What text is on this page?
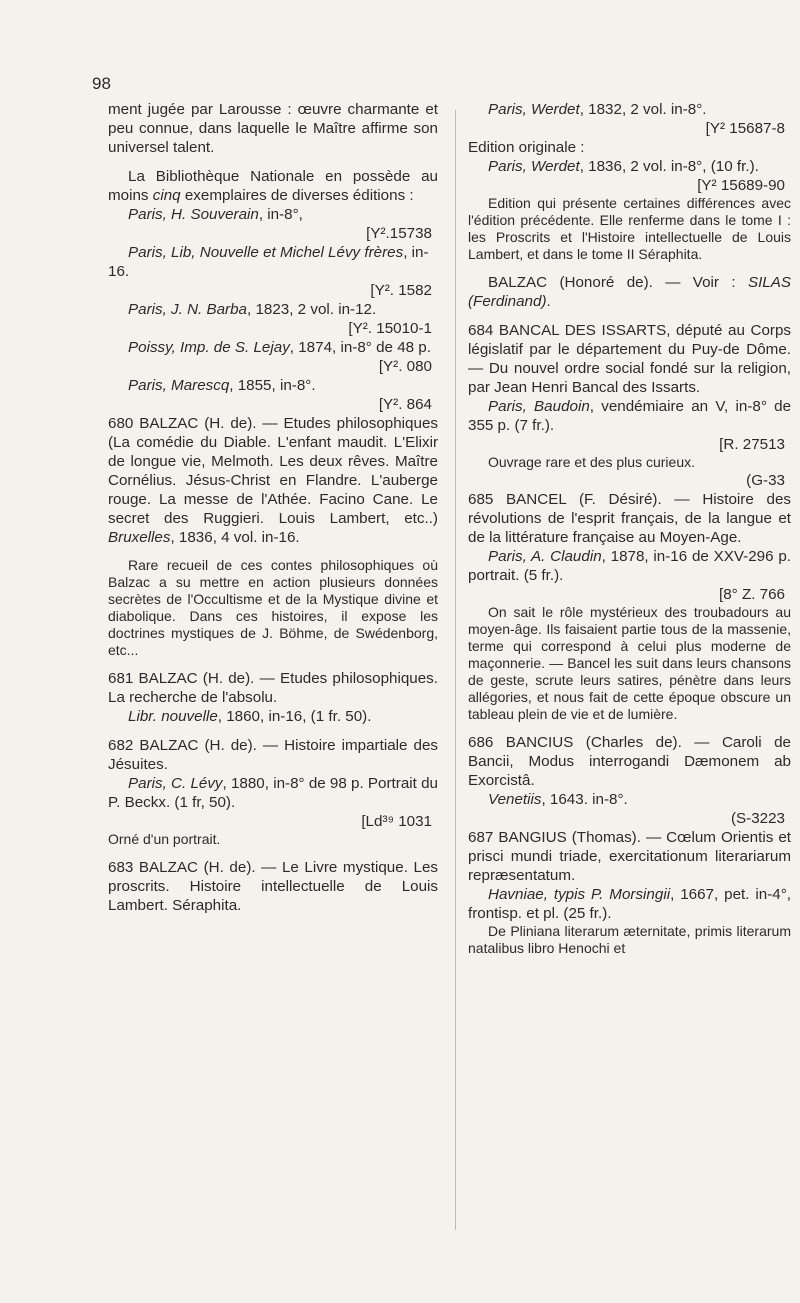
98

ment jugée par Larousse : œuvre charmante et peu connue, dans laquelle le Maître affirme son universel talent.

La Bibliothèque Nationale en possède au moins cinq exemplaires de diverses éditions :

Paris, H. Souverain, in-8°,

[Y².15738

Paris, Lib, Nouvelle et Michel Lévy frères, in-16.

[Y². 1582

Paris, J. N. Barba, 1823, 2 vol. in-12.

[Y². 15010-1

Poissy, Imp. de S. Lejay, 1874, in-8° de 48 p.

[Y². 080

Paris, Marescq, 1855, in-8°.

[Y². 864

680 BALZAC (H. de). — Etudes philosophiques (La comédie du Diable. L'enfant maudit. L'Elixir de longue vie, Melmoth. Les deux rêves. Maître Cornélius. Jésus-Christ en Flandre. L'auberge rouge. La messe de l'Athée. Facino Cane. Le secret des Ruggieri. Louis Lambert, etc..) Bruxelles, 1836, 4 vol. in-16.

Rare recueil de ces contes philosophiques où Balzac a su mettre en action plusieurs données secrètes de l'Occultisme et de la Mystique divine et diabolique. Dans ces histoires, il expose les doctrines mystiques de J. Böhme, de Swédenborg, etc...

681 BALZAC (H. de). — Etudes philosophiques. La recherche de l'absolu.

Libr. nouvelle, 1860, in-16, (1 fr. 50).

682 BALZAC (H. de). — Histoire impartiale des Jésuites.

Paris, C. Lévy, 1880, in-8° de 98 p. Portrait du P. Beckx. (1 fr, 50).

[Ld³⁹ 1031

Orné d'un portrait.

683 BALZAC (H. de). — Le Livre mystique. Les proscrits. Histoire intellectuelle de Louis Lambert. Séraphita.

Paris, Werdet, 1832, 2 vol. in-8°.

[Y² 15687-8

Edition originale :

Paris, Werdet, 1836, 2 vol. in-8°, (10 fr.).

[Y² 15689-90

Edition qui présente certaines différences avec l'édition précédente. Elle renferme dans le tome I : les Proscrits et l'Histoire intellectuelle de Louis Lambert, et dans le tome II Séraphita.

BALZAC (Honoré de). — Voir : SILAS (Ferdinand).

684 BANCAL DES ISSARTS, député au Corps législatif par le département du Puy-de Dôme. — Du nouvel ordre social fondé sur la religion, par Jean Henri Bancal des Issarts.

Paris, Baudoin, vendémiaire an V, in-8° de 355 p. (7 fr.).

[R. 27513

Ouvrage rare et des plus curieux.

(G-33

685 BANCEL (F. Désiré). — Histoire des révolutions de l'esprit français, de la langue et de la littérature française au Moyen-Age.

Paris, A. Claudin, 1878, in-16 de XXV-296 p. portrait. (5 fr.).

[8° Z. 766

On sait le rôle mystérieux des troubadours au moyen-âge. Ils faisaient partie tous de la massenie, terme qui correspond à celui plus moderne de maçonnerie. — Bancel les suit dans leurs chansons de geste, scrute leurs satires, pénètre dans leurs allégories, et nous fait de cette époque obscure un tableau plein de vie et de lumière.

686 BANCIUS (Charles de). — Caroli de Bancii, Modus interrogandi Dæmonem ab Exorcistâ.

Venetiis, 1643. in-8°.

(S-3223

687 BANGIUS (Thomas). — Cœlum Orientis et prisci mundi triade, exercitationum literariarum repræsentatum.

Havniae, typis P. Morsingii, 1667, pet. in-4°, frontisp. et pl. (25 fr.).

De Pliniana literarum æternitate, primis literarum natalibus libro Henochi et
